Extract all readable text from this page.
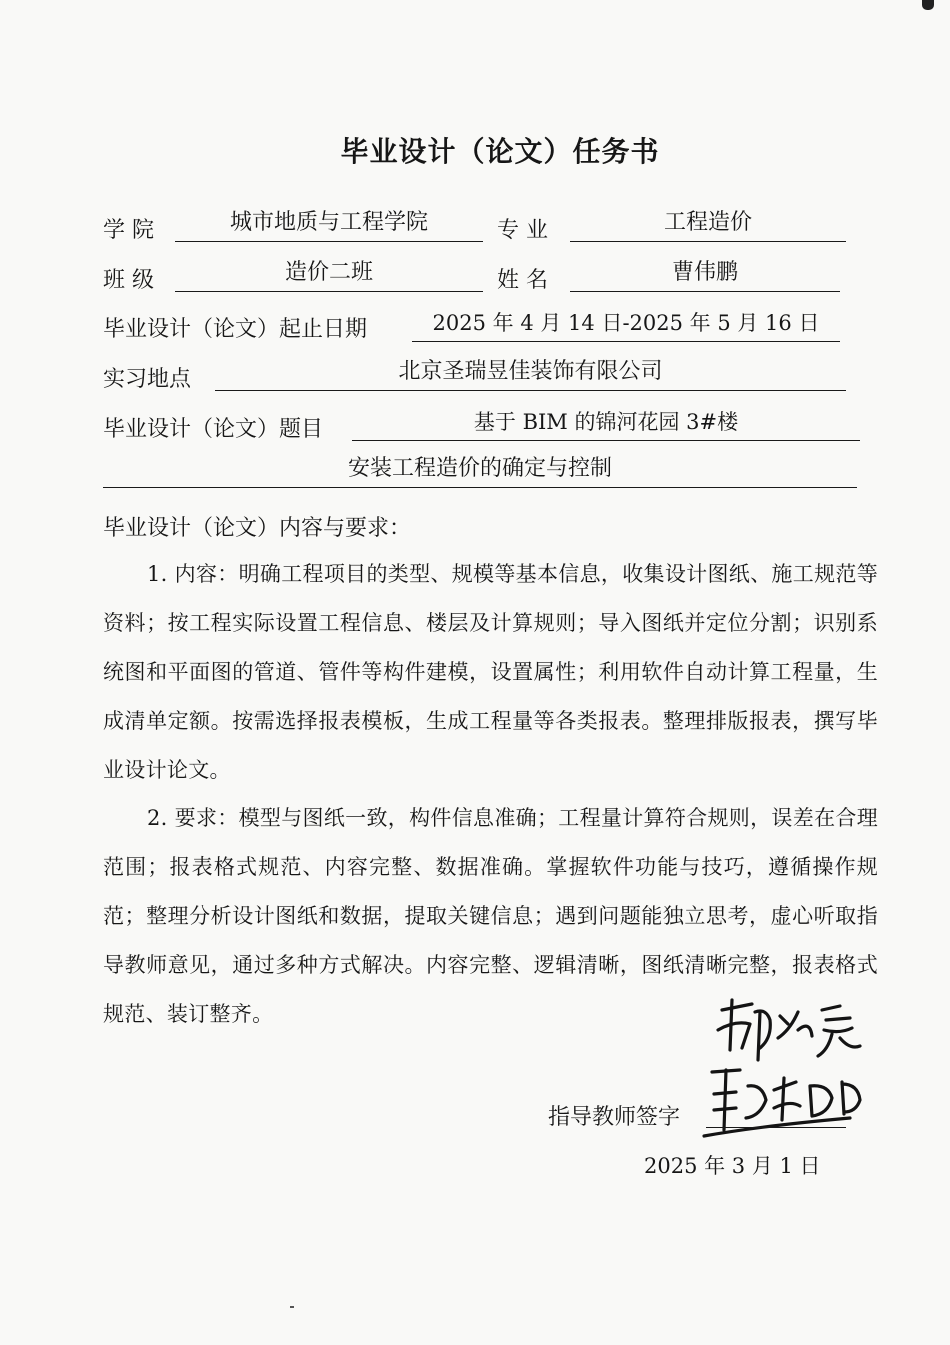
毕业设计（论文）任务书
学 院	城市地质与工程学院	专 业	工程造价
班 级	造价二班	姓 名	曹伟鹏
毕业设计（论文）起止日期	2025 年 4 月 14 日-2025 年 5 月 16 日
实习地点	北京圣瑞昱佳装饰有限公司
毕业设计（论文）题目	基于 BIM 的锦河花园 3#楼
安装工程造价的确定与控制
毕业设计（论文）内容与要求：
1. 内容：明确工程项目的类型、规模等基本信息，收集设计图纸、施工规范等资料；按工程实际设置工程信息、楼层及计算规则；导入图纸并定位分割；识别系统图和平面图的管道、管件等构件建模，设置属性；利用软件自动计算工程量，生成清单定额。按需选择报表模板，生成工程量等各类报表。整理排版报表，撰写毕业设计论文。
2. 要求：模型与图纸一致，构件信息准确；工程量计算符合规则，误差在合理范围；报表格式规范、内容完整、数据准确。掌握软件功能与技巧，遵循操作规范；整理分析设计图纸和数据，提取关键信息；遇到问题能独立思考，虚心听取指导教师意见，通过多种方式解决。内容完整、逻辑清晰，图纸清晰完整，报表格式规范、装订整齐。
指导教师签字
2025 年 3 月 1 日
